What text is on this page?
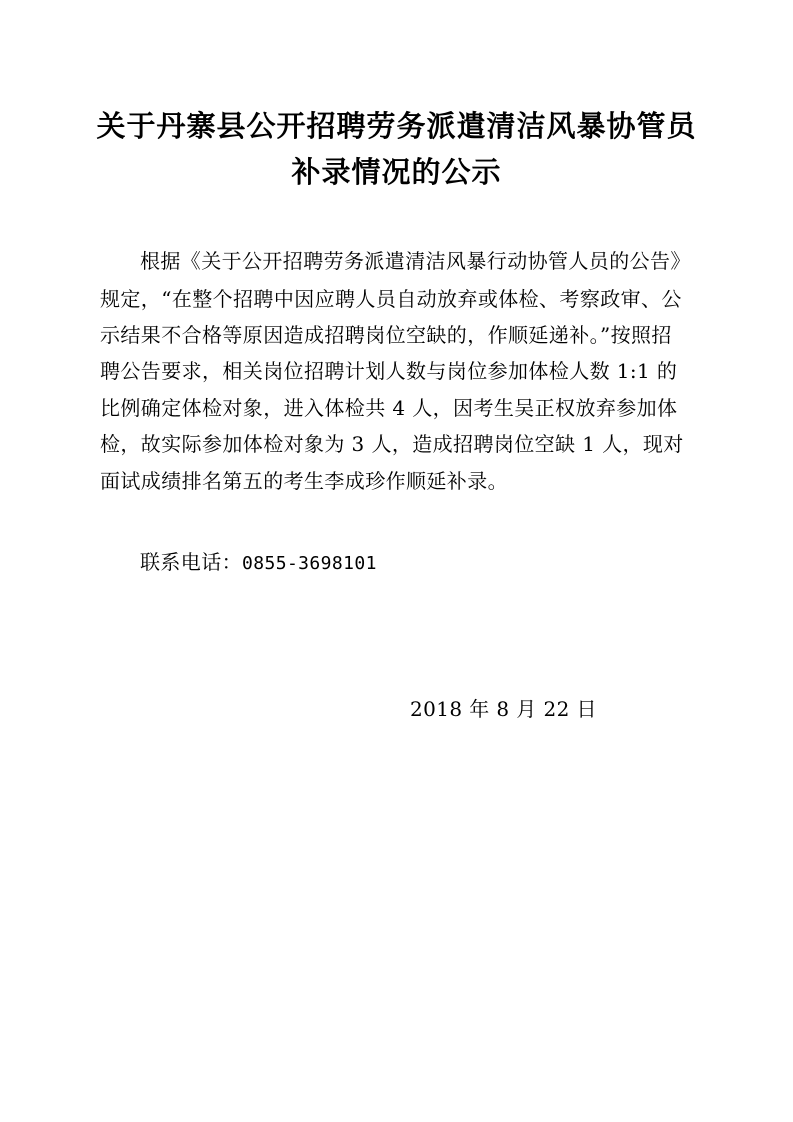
关于丹寨县公开招聘劳务派遣清洁风暴协管员
补录情况的公示
根据《关于公开招聘劳务派遣清洁风暴行动协管人员的公告》
规定，“在整个招聘中因应聘人员自动放弃或体检、考察政审、公
示结果不合格等原因造成招聘岗位空缺的，作顺延递补。”按照招
聘公告要求，相关岗位招聘计划人数与岗位参加体检人数 1:1 的
比例确定体检对象，进入体检共 4 人，因考生吴正权放弃参加体
检，故实际参加体检对象为 3 人，造成招聘岗位空缺 1 人，现对
面试成绩排名第五的考生李成珍作顺延补录。
联系电话：0855-3698101
2018 年 8 月 22 日
